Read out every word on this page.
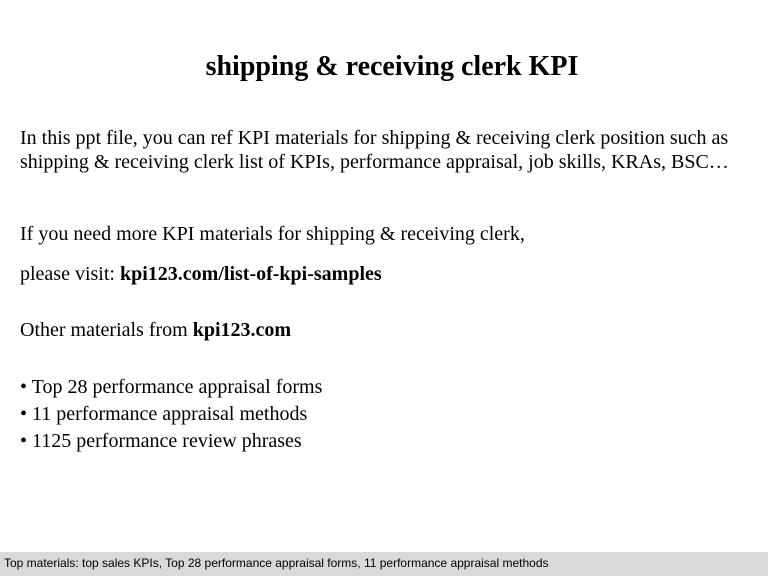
shipping & receiving clerk KPI

In this ppt file, you can ref KPI materials for shipping & receiving clerk position such as shipping & receiving clerk list of KPIs, performance appraisal, job skills, KRAs, BSC…

If you need more KPI materials for shipping & receiving clerk,

please visit: kpi123.com/list-of-kpi-samples

Other materials from kpi123.com

• Top 28 performance appraisal forms
• 11 performance appraisal methods
• 1125 performance review phrases
Top materials: top sales KPIs, Top 28 performance appraisal forms, 11 performance appraisal methods
